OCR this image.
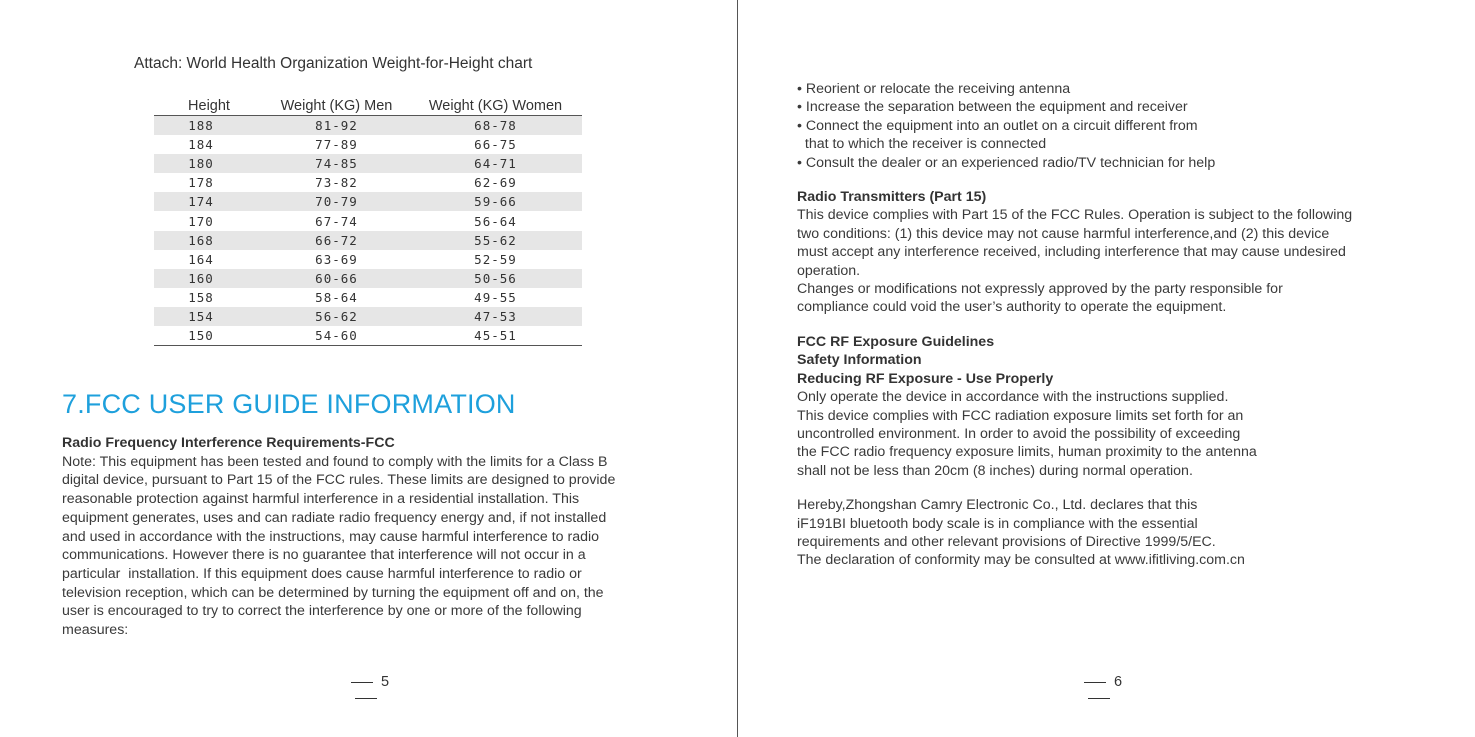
Attach: World Health Organization Weight-for-Height chart
Height	Weight (KG) Men	Weight (KG) Women
188	81-92	68-78
184	77-89	66-75
180	74-85	64-71
178	73-82	62-69
174	70-79	59-66
170	67-74	56-64
168	66-72	55-62
164	63-69	52-59
160	60-66	50-56
158	58-64	49-55
154	56-62	47-53
150	54-60	45-51
7.FCC USER GUIDE INFORMATION
Radio Frequency Interference Requirements-FCC
Note: This equipment has been tested and found to comply with the limits for a Class B
digital device, pursuant to Part 15 of the FCC rules. These limits are designed to provide
reasonable protection against harmful interference in a residential installation. This
equipment generates, uses and can radiate radio frequency energy and, if not installed
and used in accordance with the instructions, may cause harmful interference to radio
communications. However there is no guarantee that interference will not occur in a
particular  installation. If this equipment does cause harmful interference to radio or
television reception, which can be determined by turning the equipment off and on, the
user is encouraged to try to correct the interference by one or more of the following
measures:
5
• Reorient or relocate the receiving antenna
• Increase the separation between the equipment and receiver
• Connect the equipment into an outlet on a circuit different from
that to which the receiver is connected
• Consult the dealer or an experienced radio/TV technician for help
Radio Transmitters (Part 15)
This device complies with Part 15 of the FCC Rules. Operation is subject to the following
two conditions: (1) this device may not cause harmful interference,and (2) this device
must accept any interference received, including interference that may cause undesired
operation.
Changes or modifications not expressly approved by the party responsible for
compliance could void the user’s authority to operate the equipment.
FCC RF Exposure Guidelines
Safety Information
Reducing RF Exposure - Use Properly
Only operate the device in accordance with the instructions supplied.
This device complies with FCC radiation exposure limits set forth for an
uncontrolled environment. In order to avoid the possibility of exceeding
the FCC radio frequency exposure limits, human proximity to the antenna
shall not be less than 20cm (8 inches) during normal operation.
Hereby,Zhongshan Camry Electronic Co., Ltd. declares that this
iF191BI bluetooth body scale is in compliance with the essential
requirements and other relevant provisions of Directive 1999/5/EC.
The declaration of conformity may be consulted at www.ifitliving.com.cn
6
